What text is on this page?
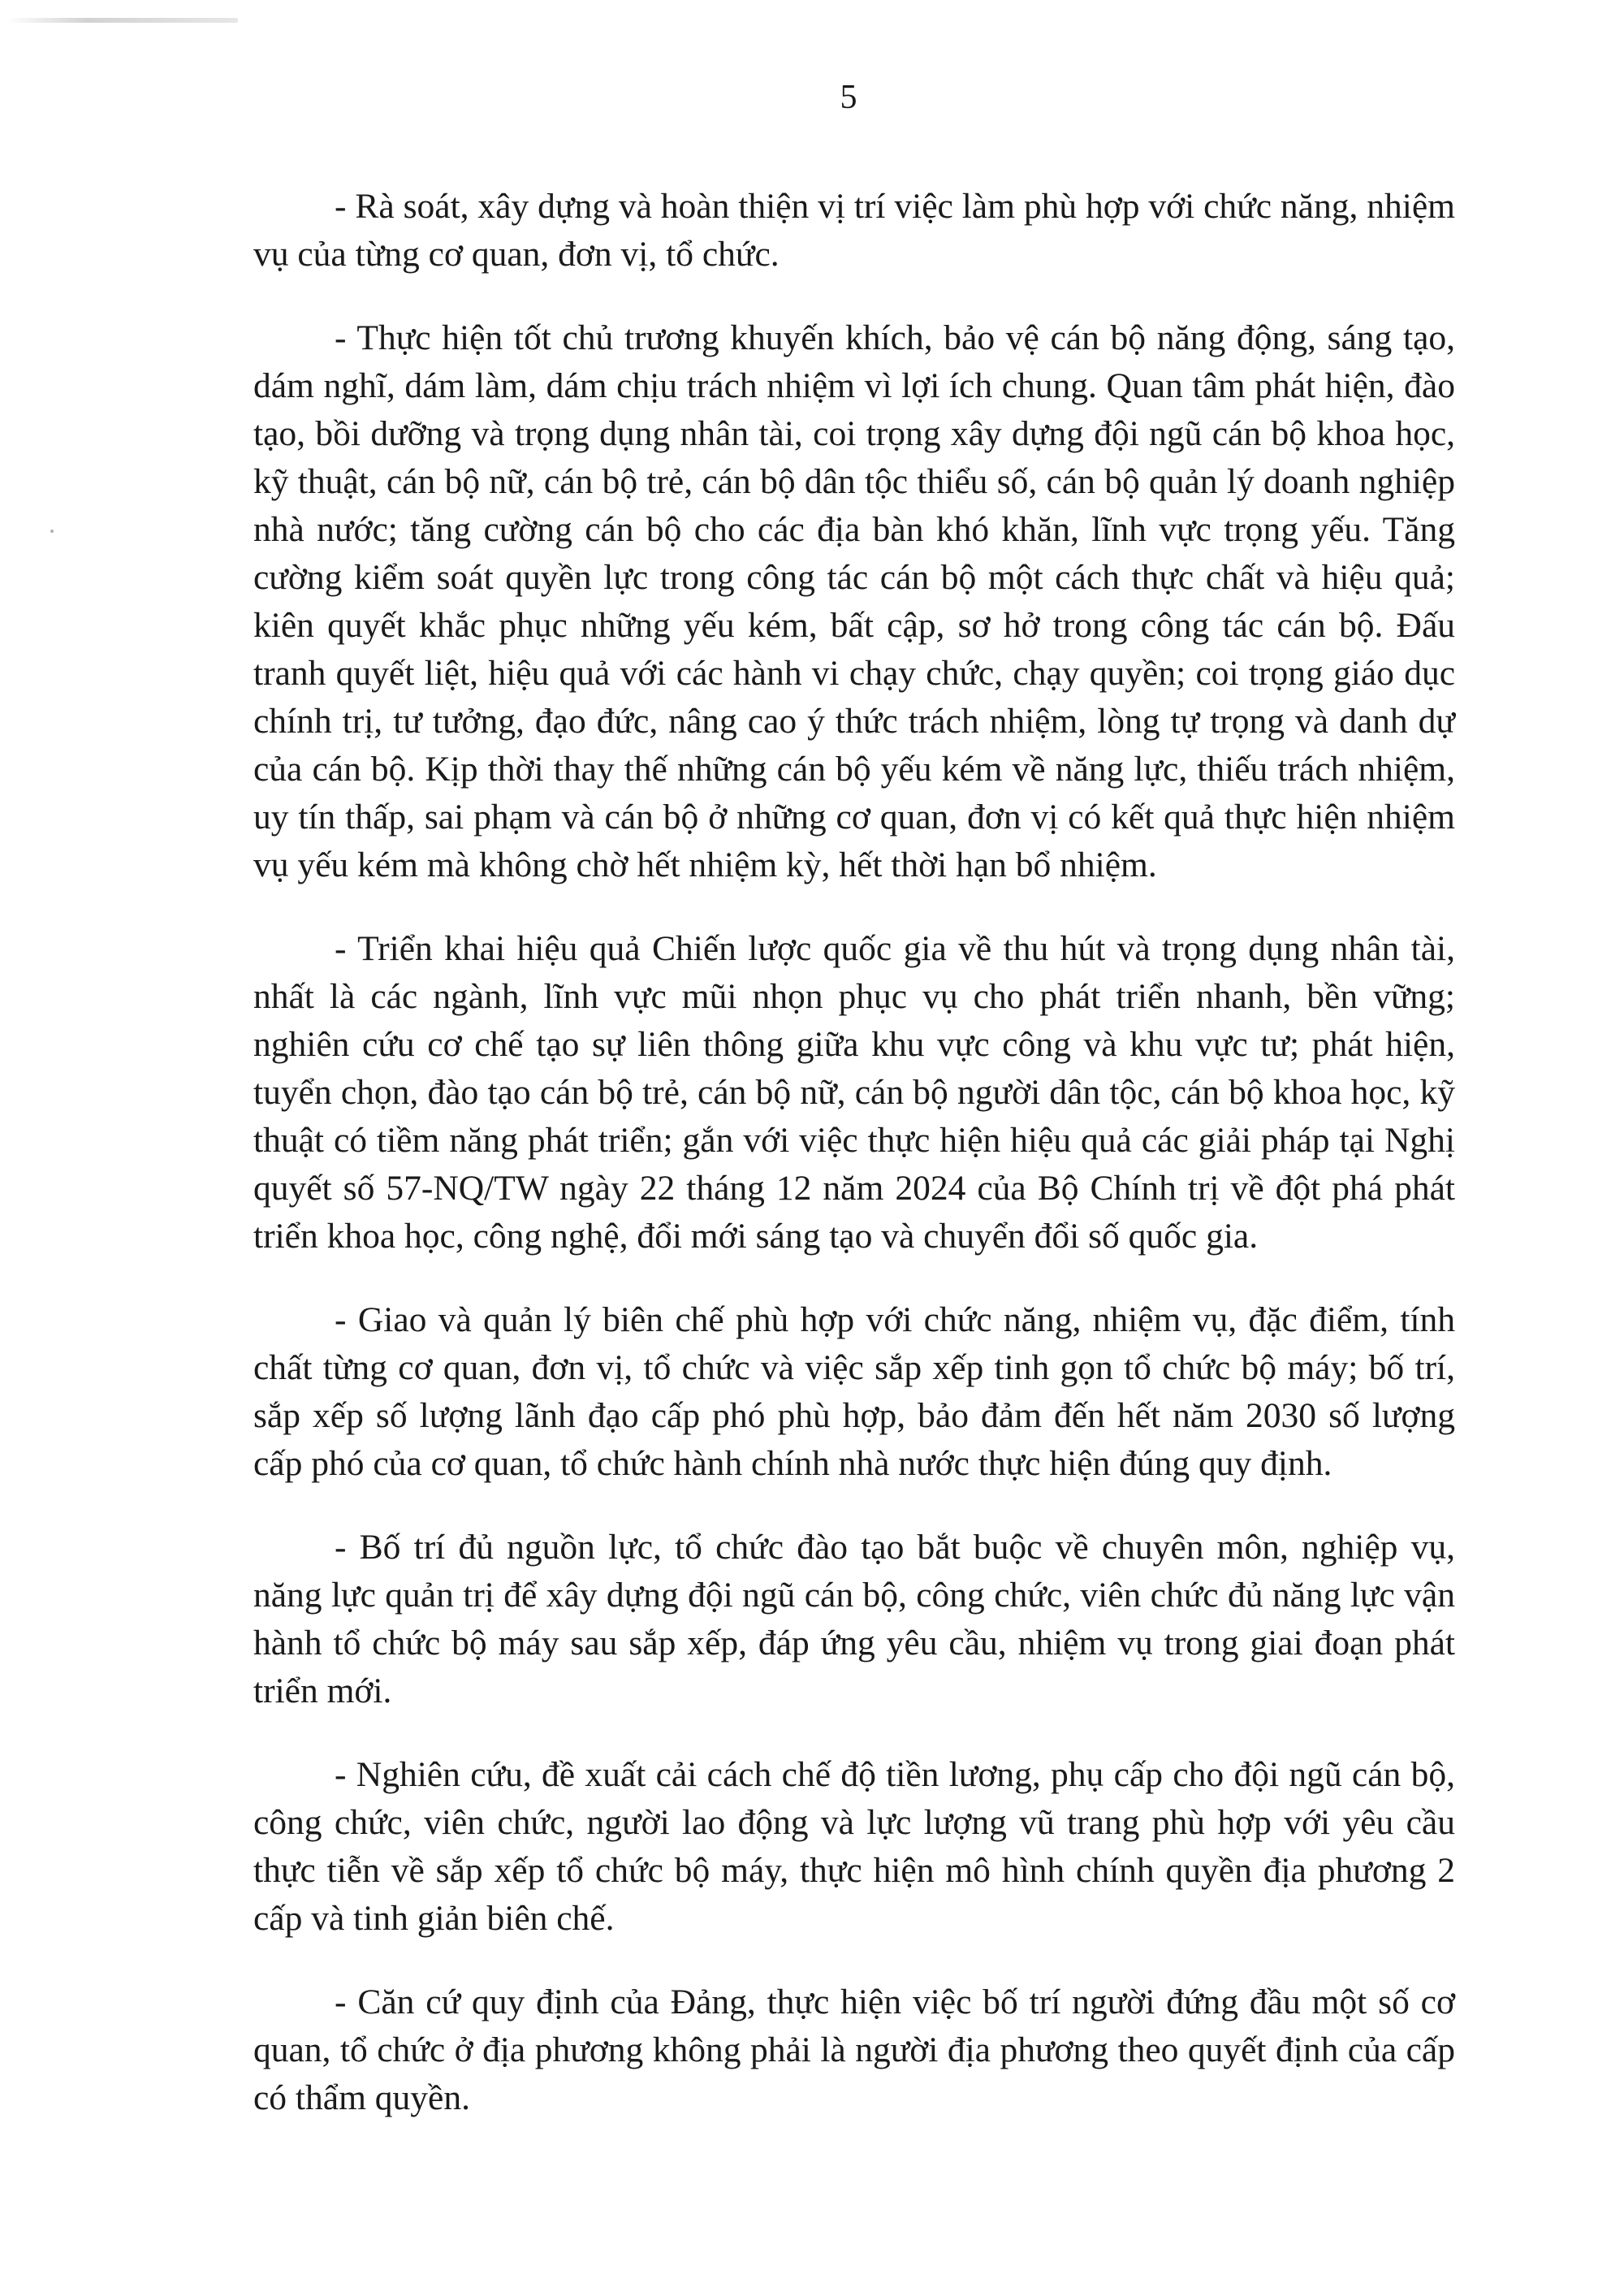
5

- Rà soát, xây dựng và hoàn thiện vị trí việc làm phù hợp với chức năng, nhiệm vụ của từng cơ quan, đơn vị, tổ chức.

- Thực hiện tốt chủ trương khuyến khích, bảo vệ cán bộ năng động, sáng tạo, dám nghĩ, dám làm, dám chịu trách nhiệm vì lợi ích chung. Quan tâm phát hiện, đào tạo, bồi dưỡng và trọng dụng nhân tài, coi trọng xây dựng đội ngũ cán bộ khoa học, kỹ thuật, cán bộ nữ, cán bộ trẻ, cán bộ dân tộc thiểu số, cán bộ quản lý doanh nghiệp nhà nước; tăng cường cán bộ cho các địa bàn khó khăn, lĩnh vực trọng yếu. Tăng cường kiểm soát quyền lực trong công tác cán bộ một cách thực chất và hiệu quả; kiên quyết khắc phục những yếu kém, bất cập, sơ hở trong công tác cán bộ. Đấu tranh quyết liệt, hiệu quả với các hành vi chạy chức, chạy quyền; coi trọng giáo dục chính trị, tư tưởng, đạo đức, nâng cao ý thức trách nhiệm, lòng tự trọng và danh dự của cán bộ. Kịp thời thay thế những cán bộ yếu kém về năng lực, thiếu trách nhiệm, uy tín thấp, sai phạm và cán bộ ở những cơ quan, đơn vị có kết quả thực hiện nhiệm vụ yếu kém mà không chờ hết nhiệm kỳ, hết thời hạn bổ nhiệm.

- Triển khai hiệu quả Chiến lược quốc gia về thu hút và trọng dụng nhân tài, nhất là các ngành, lĩnh vực mũi nhọn phục vụ cho phát triển nhanh, bền vững; nghiên cứu cơ chế tạo sự liên thông giữa khu vực công và khu vực tư; phát hiện, tuyển chọn, đào tạo cán bộ trẻ, cán bộ nữ, cán bộ người dân tộc, cán bộ khoa học, kỹ thuật có tiềm năng phát triển; gắn với việc thực hiện hiệu quả các giải pháp tại Nghị quyết số 57-NQ/TW ngày 22 tháng 12 năm 2024 của Bộ Chính trị về đột phá phát triển khoa học, công nghệ, đổi mới sáng tạo và chuyển đổi số quốc gia.

- Giao và quản lý biên chế phù hợp với chức năng, nhiệm vụ, đặc điểm, tính chất từng cơ quan, đơn vị, tổ chức và việc sắp xếp tinh gọn tổ chức bộ máy; bố trí, sắp xếp số lượng lãnh đạo cấp phó phù hợp, bảo đảm đến hết năm 2030 số lượng cấp phó của cơ quan, tổ chức hành chính nhà nước thực hiện đúng quy định.

- Bố trí đủ nguồn lực, tổ chức đào tạo bắt buộc về chuyên môn, nghiệp vụ, năng lực quản trị để xây dựng đội ngũ cán bộ, công chức, viên chức đủ năng lực vận hành tổ chức bộ máy sau sắp xếp, đáp ứng yêu cầu, nhiệm vụ trong giai đoạn phát triển mới.

- Nghiên cứu, đề xuất cải cách chế độ tiền lương, phụ cấp cho đội ngũ cán bộ, công chức, viên chức, người lao động và lực lượng vũ trang phù hợp với yêu cầu thực tiễn về sắp xếp tổ chức bộ máy, thực hiện mô hình chính quyền địa phương 2 cấp và tinh giản biên chế.

- Căn cứ quy định của Đảng, thực hiện việc bố trí người đứng đầu một số cơ quan, tổ chức ở địa phương không phải là người địa phương theo quyết định của cấp có thẩm quyền.
